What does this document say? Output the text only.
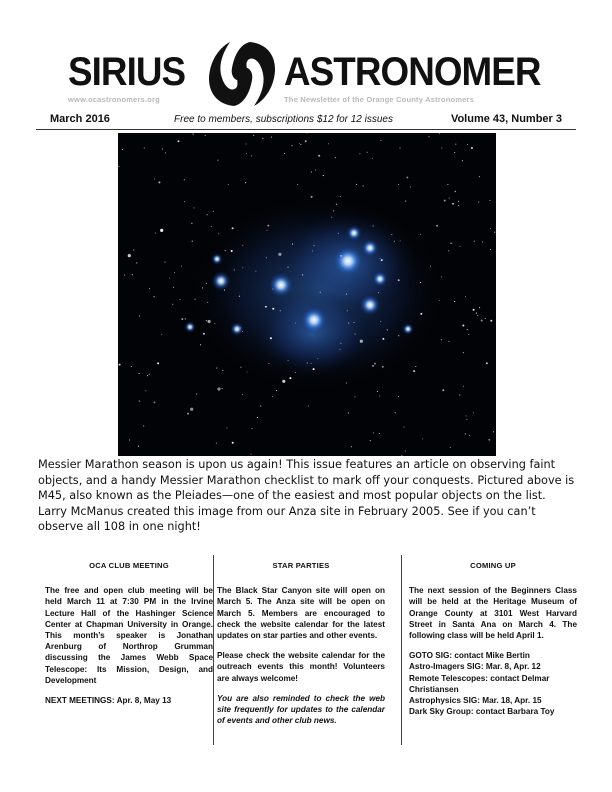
SIRIUS ASTRONOMER
www.ocastronomers.org	The Newsletter of the Orange County Astronomers
March 2016	Free to members, subscriptions $12 for 12 issues	Volume 43, Number 3
Messier Marathon season is upon us again! This issue features an article on observing faint objects, and a handy Messier Marathon checklist to mark off your conquests. Pictured above is M45, also known as the Pleiades—one of the easiest and most popular objects on the list. Larry McManus created this image from our Anza site in February 2005. See if you can’t observe all 108 in one night!
OCA CLUB MEETING

The free and open club meeting will be held March 11 at 7:30 PM in the Irvine Lecture Hall of the Hashinger Science Center at Chapman University in Orange. This month’s speaker is Jonathan Arenburg of Northrop Grumman discussing the James Webb Space Telescope: Its Mission, Design, and Development

NEXT MEETINGS: Apr. 8, May 13

STAR PARTIES

The Black Star Canyon site will open on March 5. The Anza site will be open on March 5. Members are encouraged to check the website calendar for the latest updates on star parties and other events.

Please check the website calendar for the outreach events this month! Volunteers are always welcome!

You are also reminded to check the web site frequently for updates to the calendar of events and other club news.

COMING UP

The next session of the Beginners Class will be held at the Heritage Museum of Orange County at 3101 West Harvard Street in Santa Ana on March 4. The following class will be held April 1.

GOTO SIG: contact Mike Bertin
Astro-Imagers SIG: Mar. 8, Apr. 12
Remote Telescopes: contact Delmar Christiansen
Astrophysics SIG: Mar. 18, Apr. 15
Dark Sky Group: contact Barbara Toy
